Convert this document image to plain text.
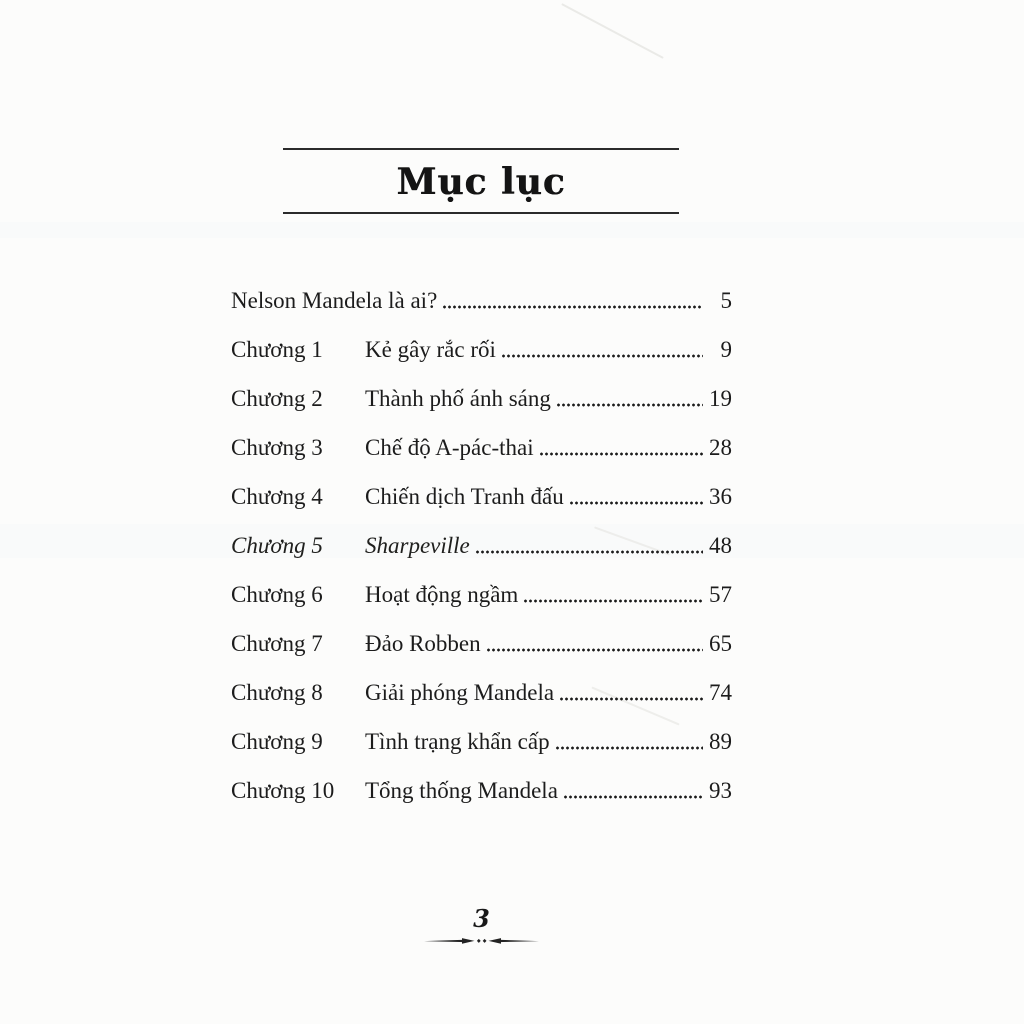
Mục lục
Nelson Mandela là ai?	5
Chương 1	Kẻ gây rắc rối	9
Chương 2	Thành phố ánh sáng	19
Chương 3	Chế độ A-pác-thai	28
Chương 4	Chiến dịch Tranh đấu	36
Chương 5	Sharpeville	48
Chương 6	Hoạt động ngầm	57
Chương 7	Đảo Robben	65
Chương 8	Giải phóng Mandela	74
Chương 9	Tình trạng khẩn cấp	89
Chương 10	Tổng thống Mandela	93
3
